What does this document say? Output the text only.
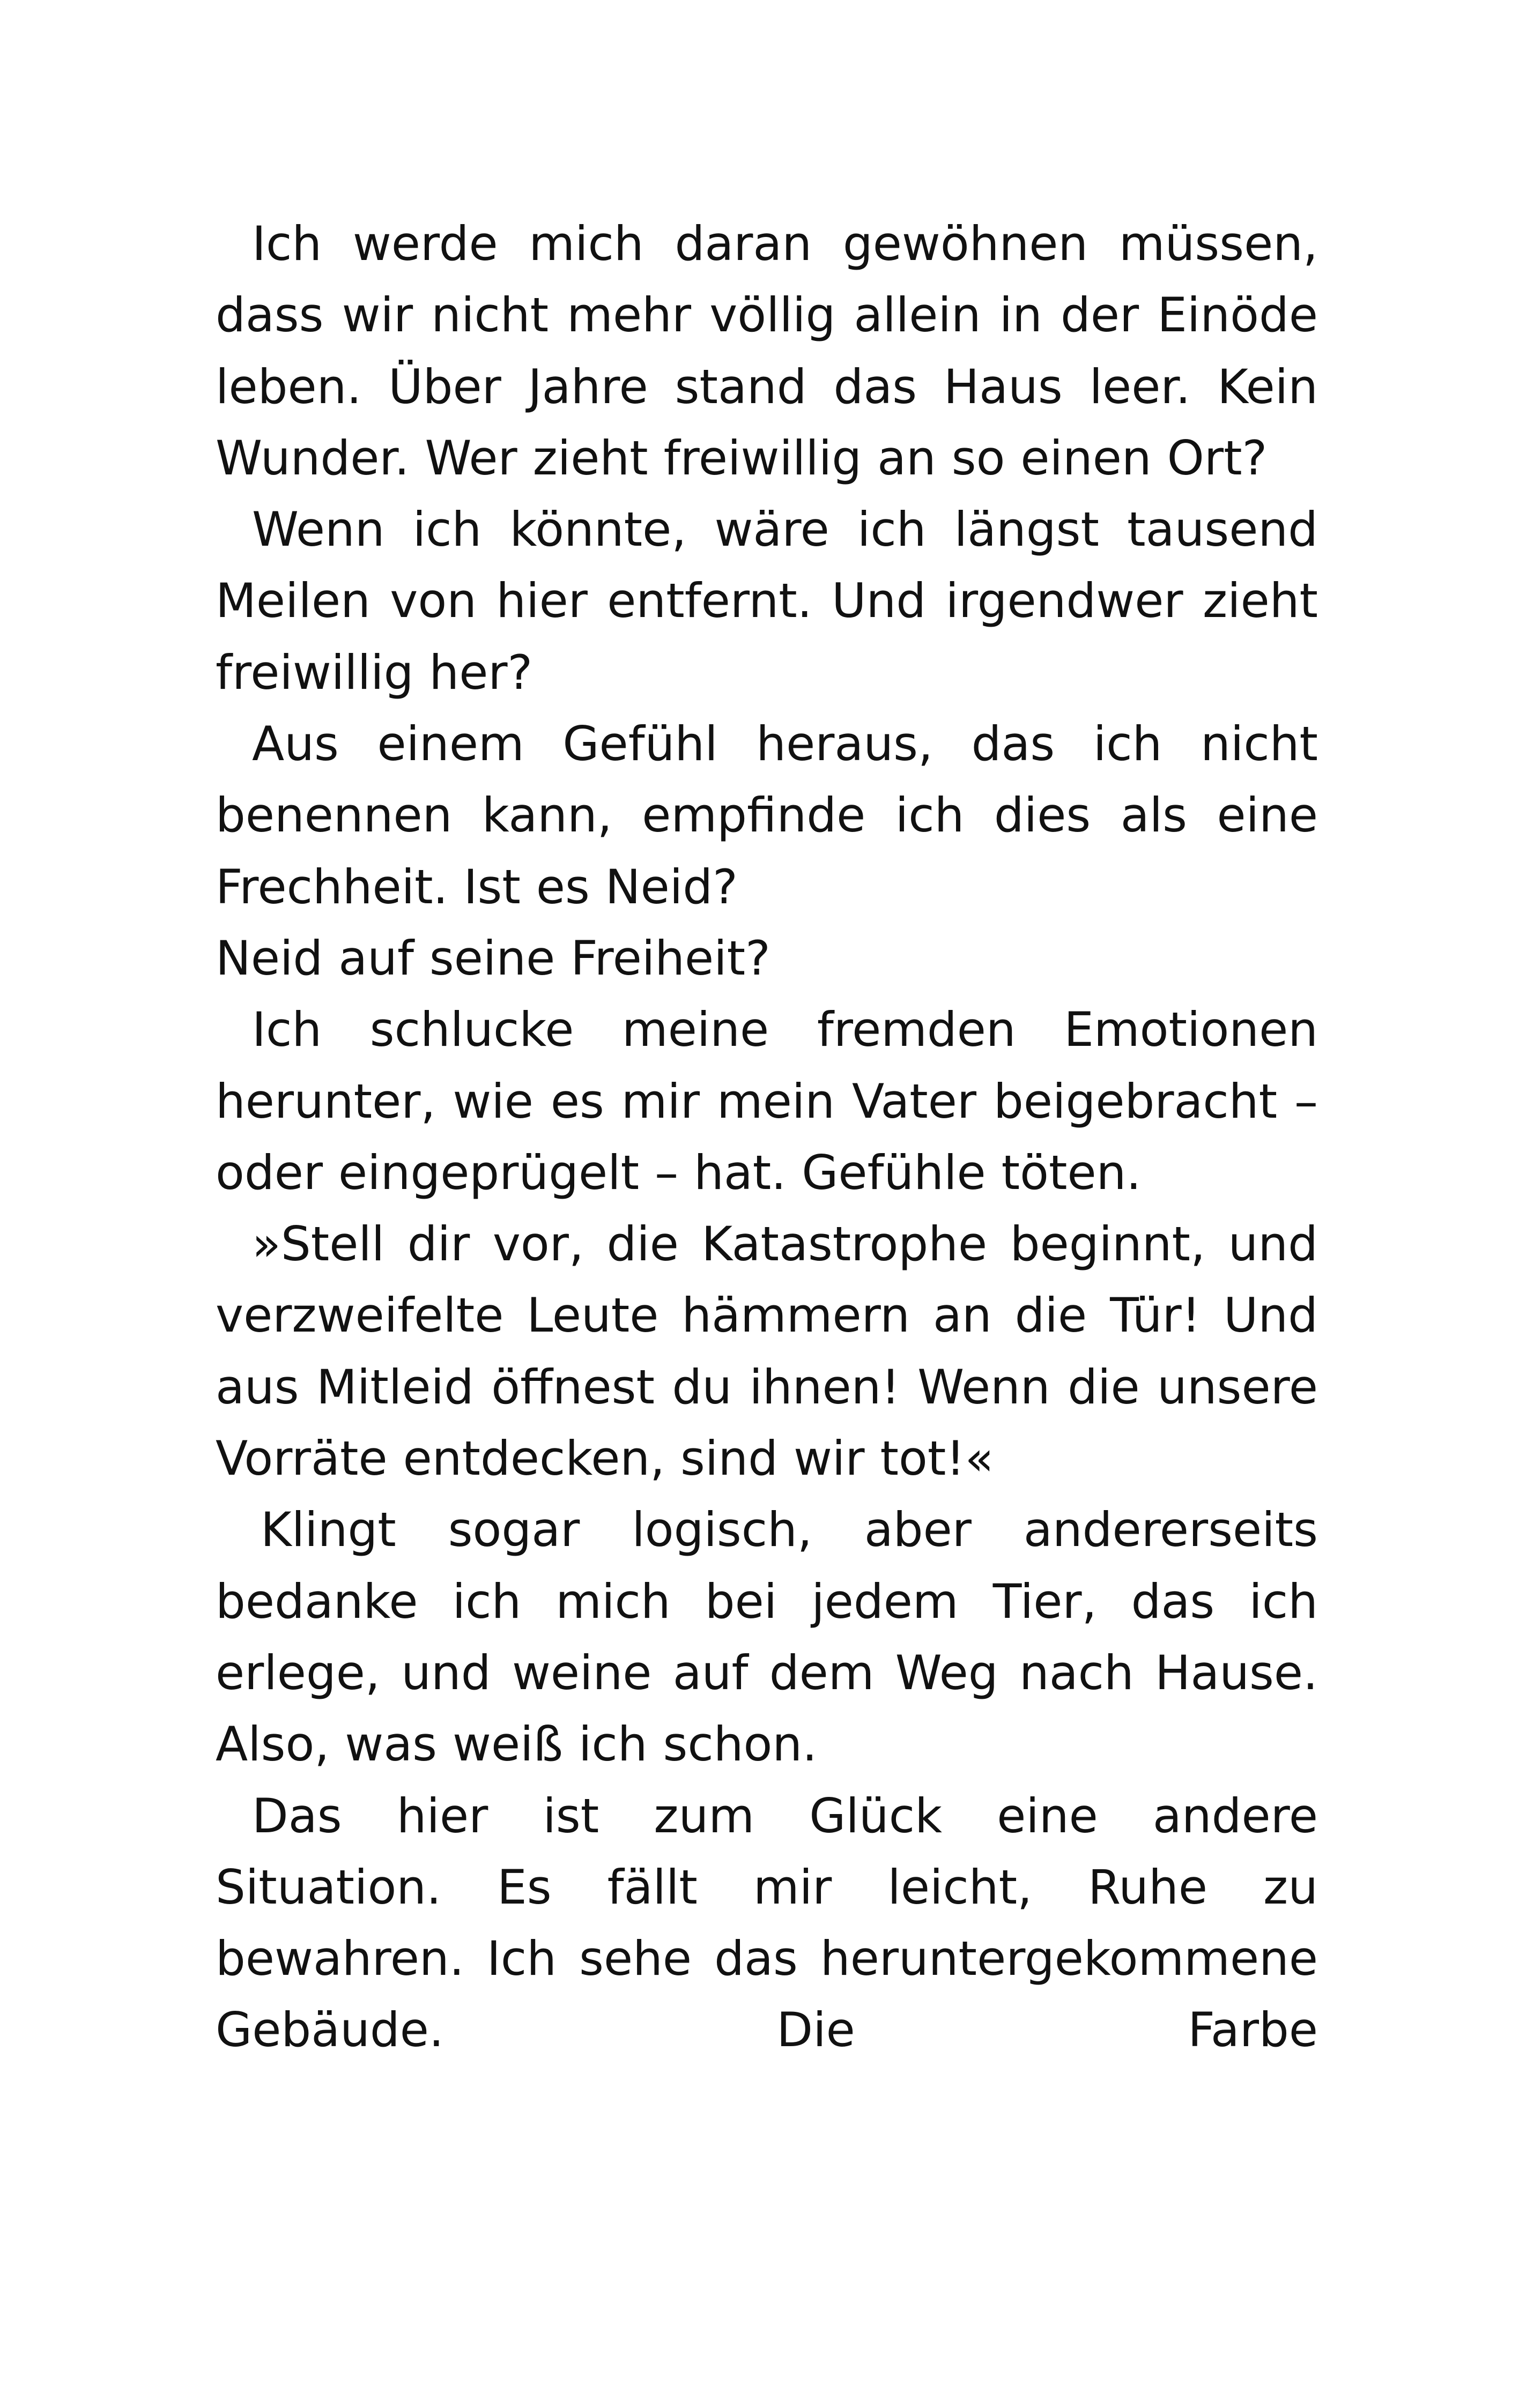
Ich werde mich daran gewöhnen müssen, dass wir nicht mehr völlig allein in der Einöde leben. Über Jahre stand das Haus leer. Kein Wunder. Wer zieht freiwillig an so einen Ort?

Wenn ich könnte, wäre ich längst tausend Meilen von hier entfernt. Und irgendwer zieht freiwillig her?

Aus einem Gefühl heraus, das ich nicht benennen kann, empfinde ich dies als eine Frechheit. Ist es Neid?

Neid auf seine Freiheit?

Ich schlucke meine fremden Emotionen herunter, wie es mir mein Vater beigebracht – oder eingeprügelt – hat. Gefühle töten.

»Stell dir vor, die Katastrophe beginnt, und verzweifelte Leute hämmern an die Tür! Und aus Mitleid öffnest du ihnen! Wenn die unsere Vorräte entdecken, sind wir tot!«

Klingt sogar logisch, aber andererseits bedanke ich mich bei jedem Tier, das ich erlege, und weine auf dem Weg nach Hause. Also, was weiß ich schon.

Das hier ist zum Glück eine andere Situation. Es fällt mir leicht, Ruhe zu bewahren. Ich sehe das heruntergekommene Gebäude. Die Farbe
